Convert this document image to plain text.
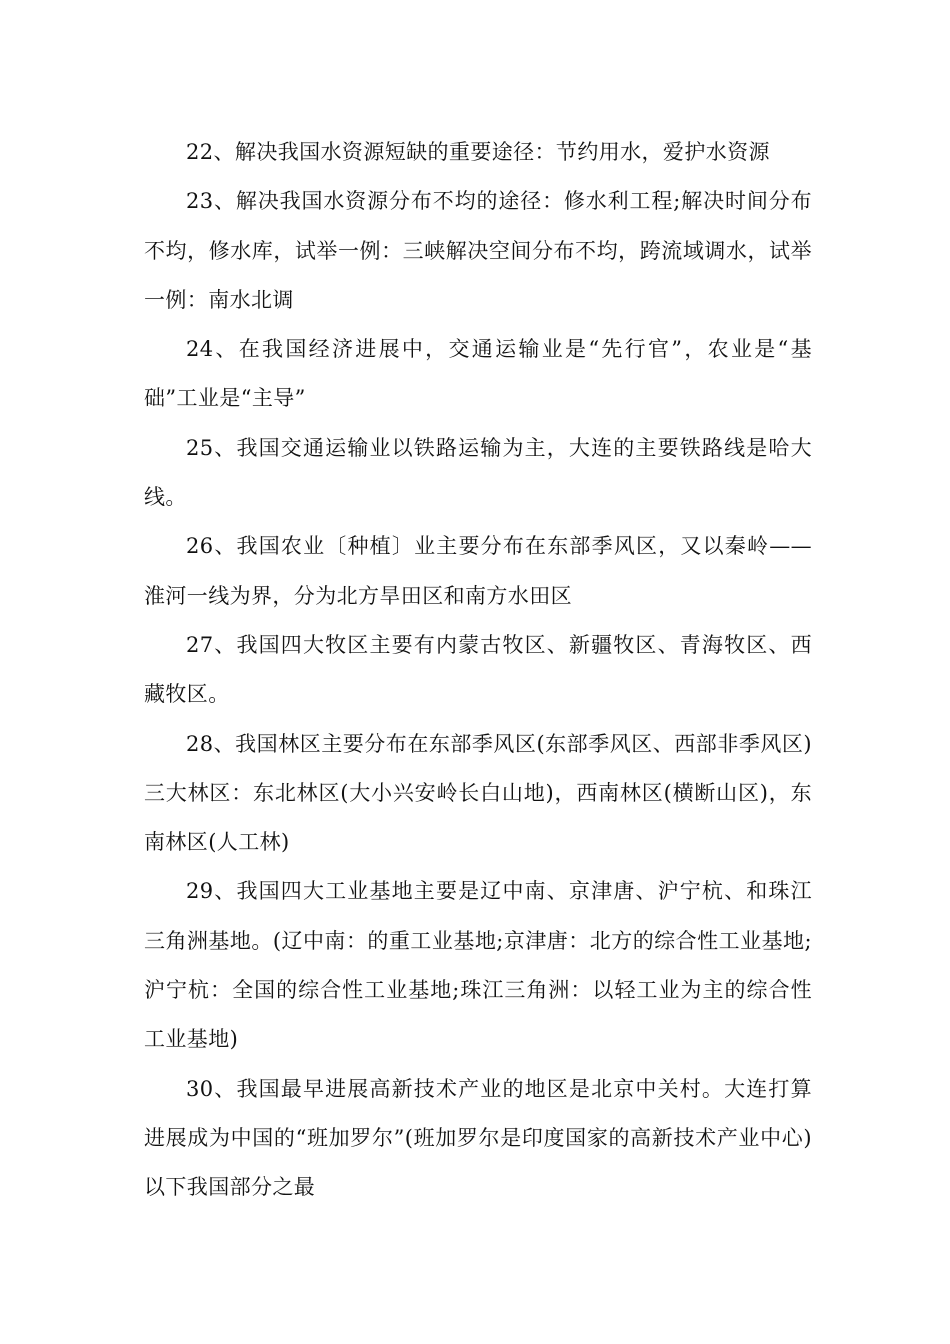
22、解决我国水资源短缺的重要途径：节约用水，爱护水资源

23、解决我国水资源分布不均的途径：修水利工程;解决时间分布不均，修水库，试举一例：三峡解决空间分布不均，跨流域调水，试举一例：南水北调

24、在我国经济进展中，交通运输业是“先行官”，农业是“基础”工业是“主导”

25、我国交通运输业以铁路运输为主，大连的主要铁路线是哈大线。

26、我国农业〔种植〕业主要分布在东部季风区，又以秦岭——淮河一线为界，分为北方旱田区和南方水田区

27、我国四大牧区主要有内蒙古牧区、新疆牧区、青海牧区、西藏牧区。

28、我国林区主要分布在东部季风区(东部季风区、西部非季风区)三大林区：东北林区(大小兴安岭长白山地)，西南林区(横断山区)，东南林区(人工林)

29、我国四大工业基地主要是辽中南、京津唐、沪宁杭、和珠江三角洲基地。(辽中南：的重工业基地;京津唐：北方的综合性工业基地;沪宁杭：全国的综合性工业基地;珠江三角洲：以轻工业为主的综合性工业基地)

30、我国最早进展高新技术产业的地区是北京中关村。大连打算进展成为中国的“班加罗尔”(班加罗尔是印度国家的高新技术产业中心)以下我国部分之最
